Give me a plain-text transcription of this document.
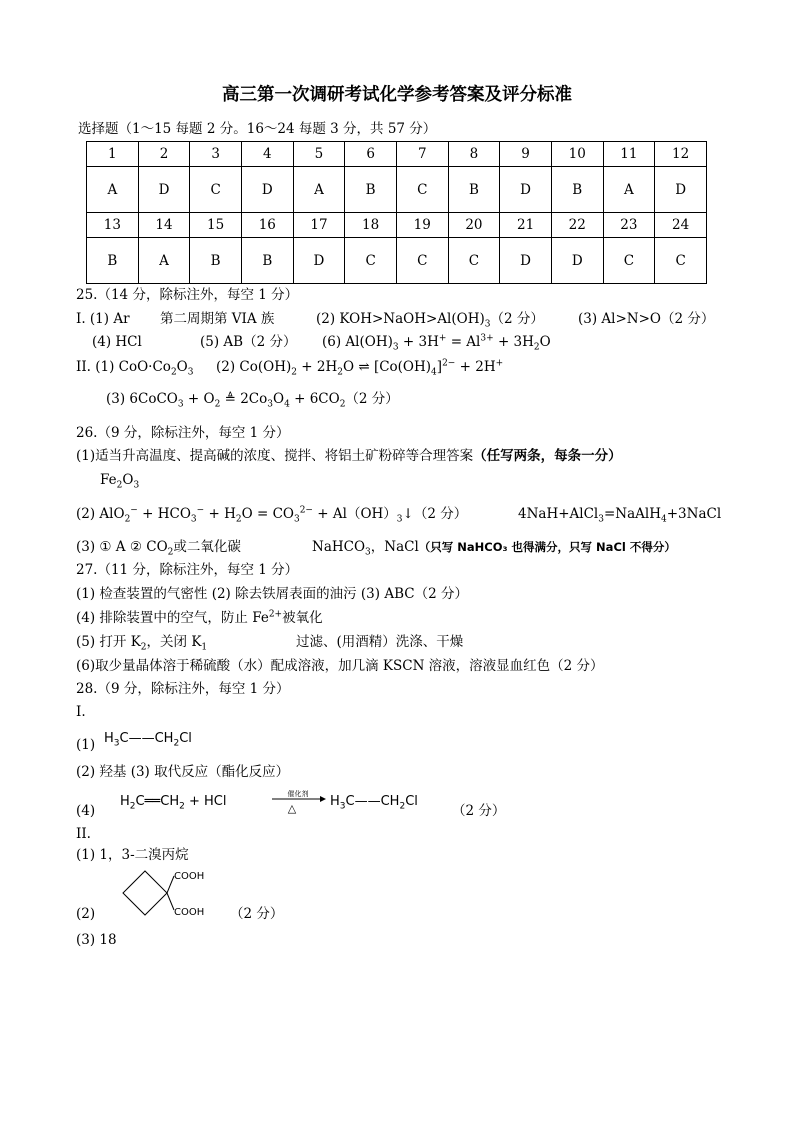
高三第一次调研考试化学参考答案及评分标准
选择题（1～15 每题 2 分。16～24 每题 3 分，共 57 分）
1	2	3	4	5	6	7	8	9	10	11	12
A	D	C	D	A	B	C	B	D	B	A	D
13	14	15	16	17	18	19	20	21	22	23	24
B	A	B	B	D	C	C	C	D	D	C	C
25.（14 分，除标注外，每空 1 分）
I. (1) Ar 第二周期第 VIA 族	(2) $KOH>NaOH>Al(OH)_3(2$ 分）	(3) Al>N>O（2 分）
(4) HCl	(5) AB（2 分） (6) $Al(OH)_3 + 3H^+ = Al^{3+} + 3H_2O$
II. (1) $CoO\cdot Co_2O_3$ (2) $Co(OH)_2 + 2H_2O$ ⇌ $[Co(OH)_4]^{2-} + 2H^+$
(3) 6CoCO$_3$ + $O_2$ ≜ $2Co_3O_4 + 6CO_2(2$ 分）
26.（9 分，除标注外，每空 1 分）
(1)适当升高温度、提高碱的浓度、搅拌、将铝土矿粉碎等合理答案（任写两条，每条一分）
$Fe_2O_3$
(2) $AlO_2^- + HCO_3^- + H_2O = CO_3^{2-}$ + $Al(OH)_3↓(2$ 分）	4NaH+AlCl$_3$=NaAlH$_4$+3NaCl
(3) ① A ② $CO_2$或二氧化碳	NaHCO$_3$，NaCl（只写 NaHCO₃ 也得满分，只写 NaCl 不得分）
27.（11 分，除标注外，每空 1 分）
(1) 检查装置的气密性 (2) 除去铁屑表面的油污 (3) ABC（2 分）
(4) 排除装置中的空气，防止 $Fe^{2+}$被氧化
(5) 打开 $K_2$，关闭 $K_1$	过滤、(用酒精）洗涤、干燥
(6)取少量晶体溶于稀硫酸（水）配成溶液，加几滴 KSCN 溶液，溶液显血红色（2 分）
28.（9 分，除标注外，每空 1 分）
I.
(1) $H_3C——CH_2Cl$
(2) 羟基 (3) 取代反应（酯化反应）
(4)
$H_2C══CH_2$ + HCl	催化剂
△	$H_3C——CH_2Cl$
（2 分）
II.
(1) 1，3-二溴丙烷
COOH
COOH
(2)	（2 分）
(3) 18
